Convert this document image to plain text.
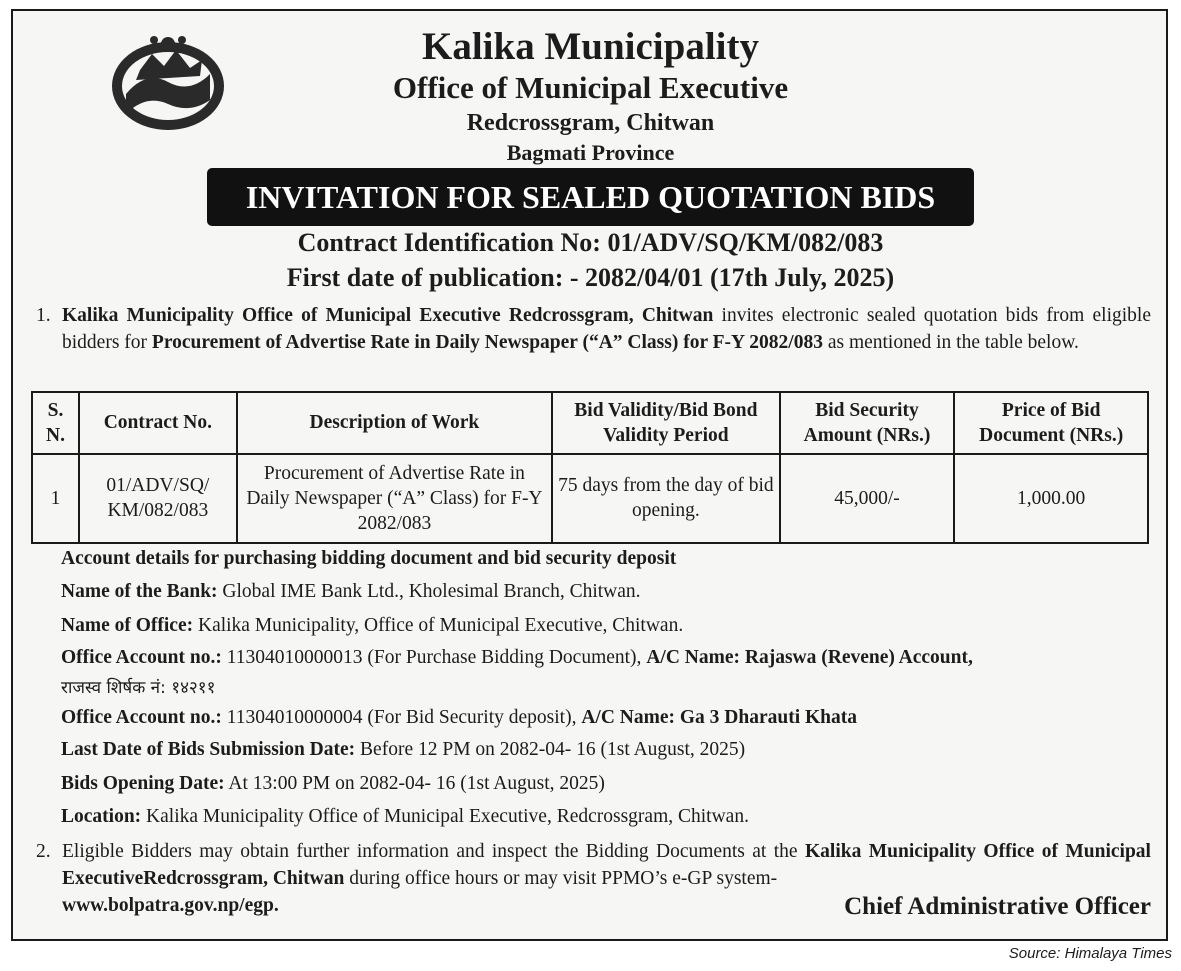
Kalika Municipality
Office of Municipal Executive
Redcrossgram, Chitwan
Bagmati Province
INVITATION FOR SEALED QUOTATION BIDS
Contract Identification No: 01/ADV/SQ/KM/082/083
First date of publication: - 2082/04/01 (17th July, 2025)
1. Kalika Municipality Office of Municipal Executive Redcrossgram, Chitwan invites electronic sealed quotation bids from eligible bidders for Procurement of Advertise Rate in Daily Newspaper (“A” Class) for F-Y 2082/083 as mentioned in the table below.
S. N.	Contract No.	Description of Work	Bid Validity/Bid Bond Validity Period	Bid Security Amount (NRs.)	Price of Bid Document (NRs.)
1	01/ADV/SQ/ KM/082/083	Procurement of Advertise Rate in Daily Newspaper (“A” Class) for F-Y 2082/083	75 days from the day of bid opening.	45,000/-	1,000.00
Account details for purchasing bidding document and bid security deposit
Name of the Bank: Global IME Bank Ltd., Kholesimal Branch, Chitwan.
Name of Office: Kalika Municipality, Office of Municipal Executive, Chitwan.
Office Account no.: 11304010000013 (For Purchase Bidding Document), A/C Name: Rajaswa (Revene) Account,
राजस्व शिर्षक नं: १४२११
Office Account no.: 11304010000004 (For Bid Security deposit), A/C Name: Ga 3 Dharauti Khata
Last Date of Bids Submission Date: Before 12 PM on 2082-04- 16 (1st August, 2025)
Bids Opening Date: At 13:00 PM on 2082-04- 16 (1st August, 2025)
Location: Kalika Municipality Office of Municipal Executive, Redcrossgram, Chitwan.
2. Eligible Bidders may obtain further information and inspect the Bidding Documents at the Kalika Municipality Office of Municipal ExecutiveRedcrossgram, Chitwan during office hours or may visit PPMO’s e-GP system-
www.bolpatra.gov.np/egp.	Chief Administrative Officer
Source: Himalaya Times
